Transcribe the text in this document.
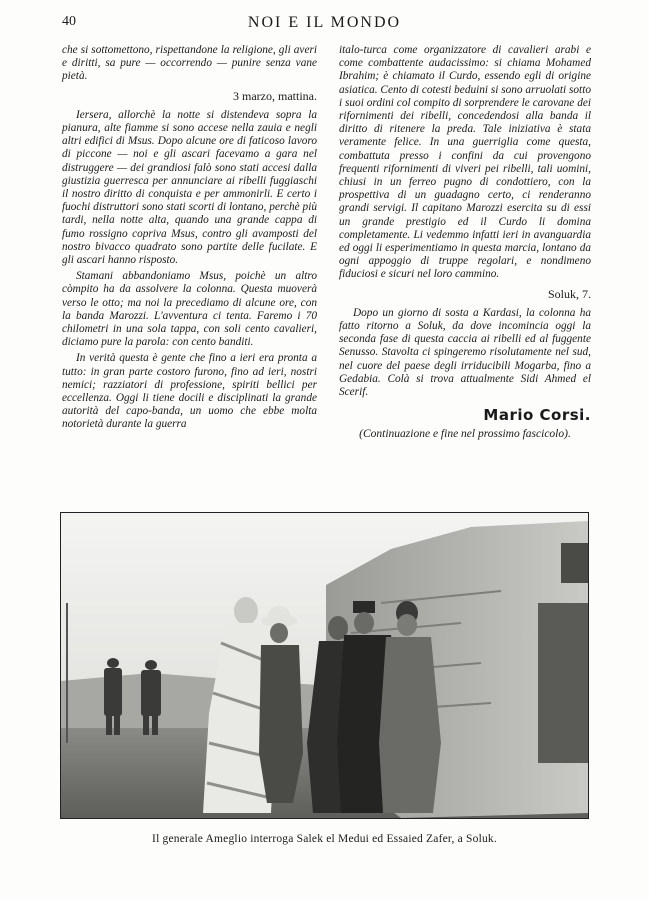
40	NOI E IL MONDO

che si sottomettono, rispettandone la religione, gli averi e diritti, sa pure — occorrendo — punire senza vane pietà.

3 marzo, mattina.

Iersera, allorchè la notte si distendeva sopra la pianura, alte fiamme si sono accese nella zauia e negli altri edifici di Msus. Dopo alcune ore di faticoso lavoro di piccone — noi e gli ascari facevamo a gara nel distruggere — dei grandiosi falò sono stati accesi dalla giustizia guerresca per annunciare ai ribelli fuggiaschi il nostro diritto di conquista e per ammonirli. E certo i fuochi distruttori sono stati scorti di lontano, perchè più tardi, nella notte alta, quando una grande cappa di fumo rossigno copriva Msus, contro gli avamposti del nostro bivacco quadrato sono partite delle fucilate. E gli ascari hanno risposto.

Stamani abbandoniamo Msus, poichè un altro còmpito ha da assolvere la colonna. Questa muoverà verso le otto; ma noi la precediamo di alcune ore, con la banda Marozzi. L'avventura ci tenta. Faremo i 70 chilometri in una sola tappa, con soli cento cavalieri, diciamo pure la parola: con cento banditi.

In verità questa è gente che fino a ieri era pronta a tutto: in gran parte costoro furono, fino ad ieri, nostri nemici; razziatori di professione, spiriti bellici per eccellenza. Oggi li tiene docili e disciplinati la grande autorità del capo-banda, un uomo che ebbe molta notorietà durante la guerra

italo-turca come organizzatore di cavalieri arabi e come combattente audacissimo: si chiama Mohamed Ibrahim; è chiamato il Curdo, essendo egli di origine asiatica. Cento di cotesti beduini si sono arruolati sotto i suoi ordini col compito di sorprendere le carovane dei rifornimenti dei ribelli, concedendosi alla banda il diritto di ritenere la preda. Tale iniziativa è stata veramente felice. In una guerriglia come questa, combattuta presso i confini da cui provengono frequenti rifornimenti di viveri pei ribelli, tali uomini, chiusi in un ferreo pugno di condottiero, con la prospettiva di un guadagno certo, ci renderanno grandi servigi. Il capitano Marozzi esercita su di essi un grande prestigio ed il Curdo li domina completamente. Li vedemmo infatti ieri in avanguardia ed oggi li esperimentiamo in questa marcia, lontano da ogni appoggio di truppe regolari, e nondimeno fiduciosi e sicuri nel loro cammino.

Soluk, 7.

Dopo un giorno di sosta a Kardasi, la colonna ha fatto ritorno a Soluk, da dove incomincia oggi la seconda fase di questa caccia ai ribelli ed al fuggente Senusso. Stavolta ci spingeremo risolutamente nel sud, nel cuore del paese degli irriducibili Mogarba, fino a Gedabia. Colà si trova attualmente Sidi Ahmed el Scerif.

Mario Corsi.
(Continuazione e fine nel prossimo fascicolo).
Il generale Ameglio interroga Salek el Medui ed Essaied Zafer, a Soluk.
